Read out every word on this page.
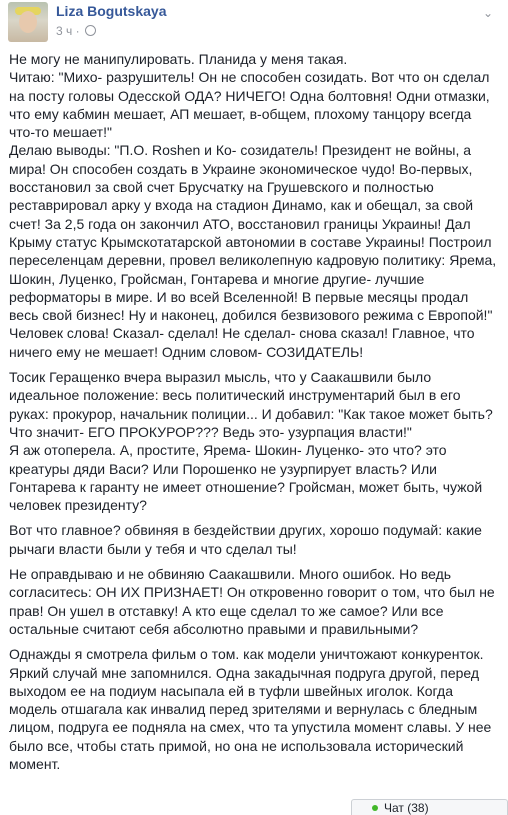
Liza Bogutskaya
3 ч ·
⌄

Не могу не манипулировать. Планида у меня такая.
Читаю: "Михо- разрушитель! Он не способен созидать. Вот что он сделал на посту головы Одесской ОДА? НИЧЕГО! Одна болтовня! Одни отмазки, что ему кабмин мешает, АП мешает, в-общем, плохому танцору всегда что-то мешает!"
Делаю выводы: "П.О. Roshen и Ко- созидатель! Президент не войны, а мира! Он способен создать в Украине экономическое чудо! Во-первых, восстановил за свой счет Брусчатку на Грушевского и полностью реставрировал арку у входа на стадион Динамо, как и обещал, за свой счет! За 2,5 года он закончил АТО, восстановил границы Украины! Дал Крыму статус Крымскотатарской автономии в составе Украины! Построил переселенцам деревни, провел великолепную кадровую политику: Ярема, Шокин, Луценко, Гройсман, Гонтарева и многие другие- лучшие реформаторы в мире. И во всей Вселенной! В первые месяцы продал весь свой бизнес! Ну и наконец, добился безвизового режима с Европой!" Человек слова! Сказал- сделал! Не сделал- снова сказал! Главное, что ничего ему не мешает! Одним словом- СОЗИДАТЕЛЬ!

Тосик Геращенко вчера выразил мысль, что у Саакашвили было идеальное положение: весь политический инструментарий был в его руках: прокурор, начальник полиции... И добавил: "Как такое может быть? Что значит- ЕГО ПРОКУРОР??? Ведь это- узурпация власти!"
Я аж отоперела. А, простите, Ярема- Шокин- Луценко- это что? это креатуры дяди Васи? Или Порошенко не узурпирует власть? Или Гонтарева к гаранту не имеет отношение? Гройсман, может быть, чужой человек президенту?

Вот что главное? обвиняя в бездействии других, хорошо подумай: какие рычаги власти были у тебя и что сделал ты!

Не оправдываю и не обвиняю Саакашвили. Много ошибок. Но ведь согласитесь: ОН ИХ ПРИЗНАЕТ! Он откровенно говорит о том, что был не прав! Он ушел в отставку! А кто еще сделал то же самое? Или все остальные считают себя абсолютно правыми и правильными?

Однажды я смотрела фильм о том. как модели уничтожают конкуренток. Яркий случай мне запомнился. Одна закадычная подруга другой, перед выходом ее на подиум насыпала ей в туфли швейных иголок. Когда модель отшагала как инвалид перед зрителями и вернулась с бледным лицом, подруга ее подняла на смех, что та упустила момент славы. У нее было все, чтобы стать примой, но она не использовала исторический момент.

Чат (38)
